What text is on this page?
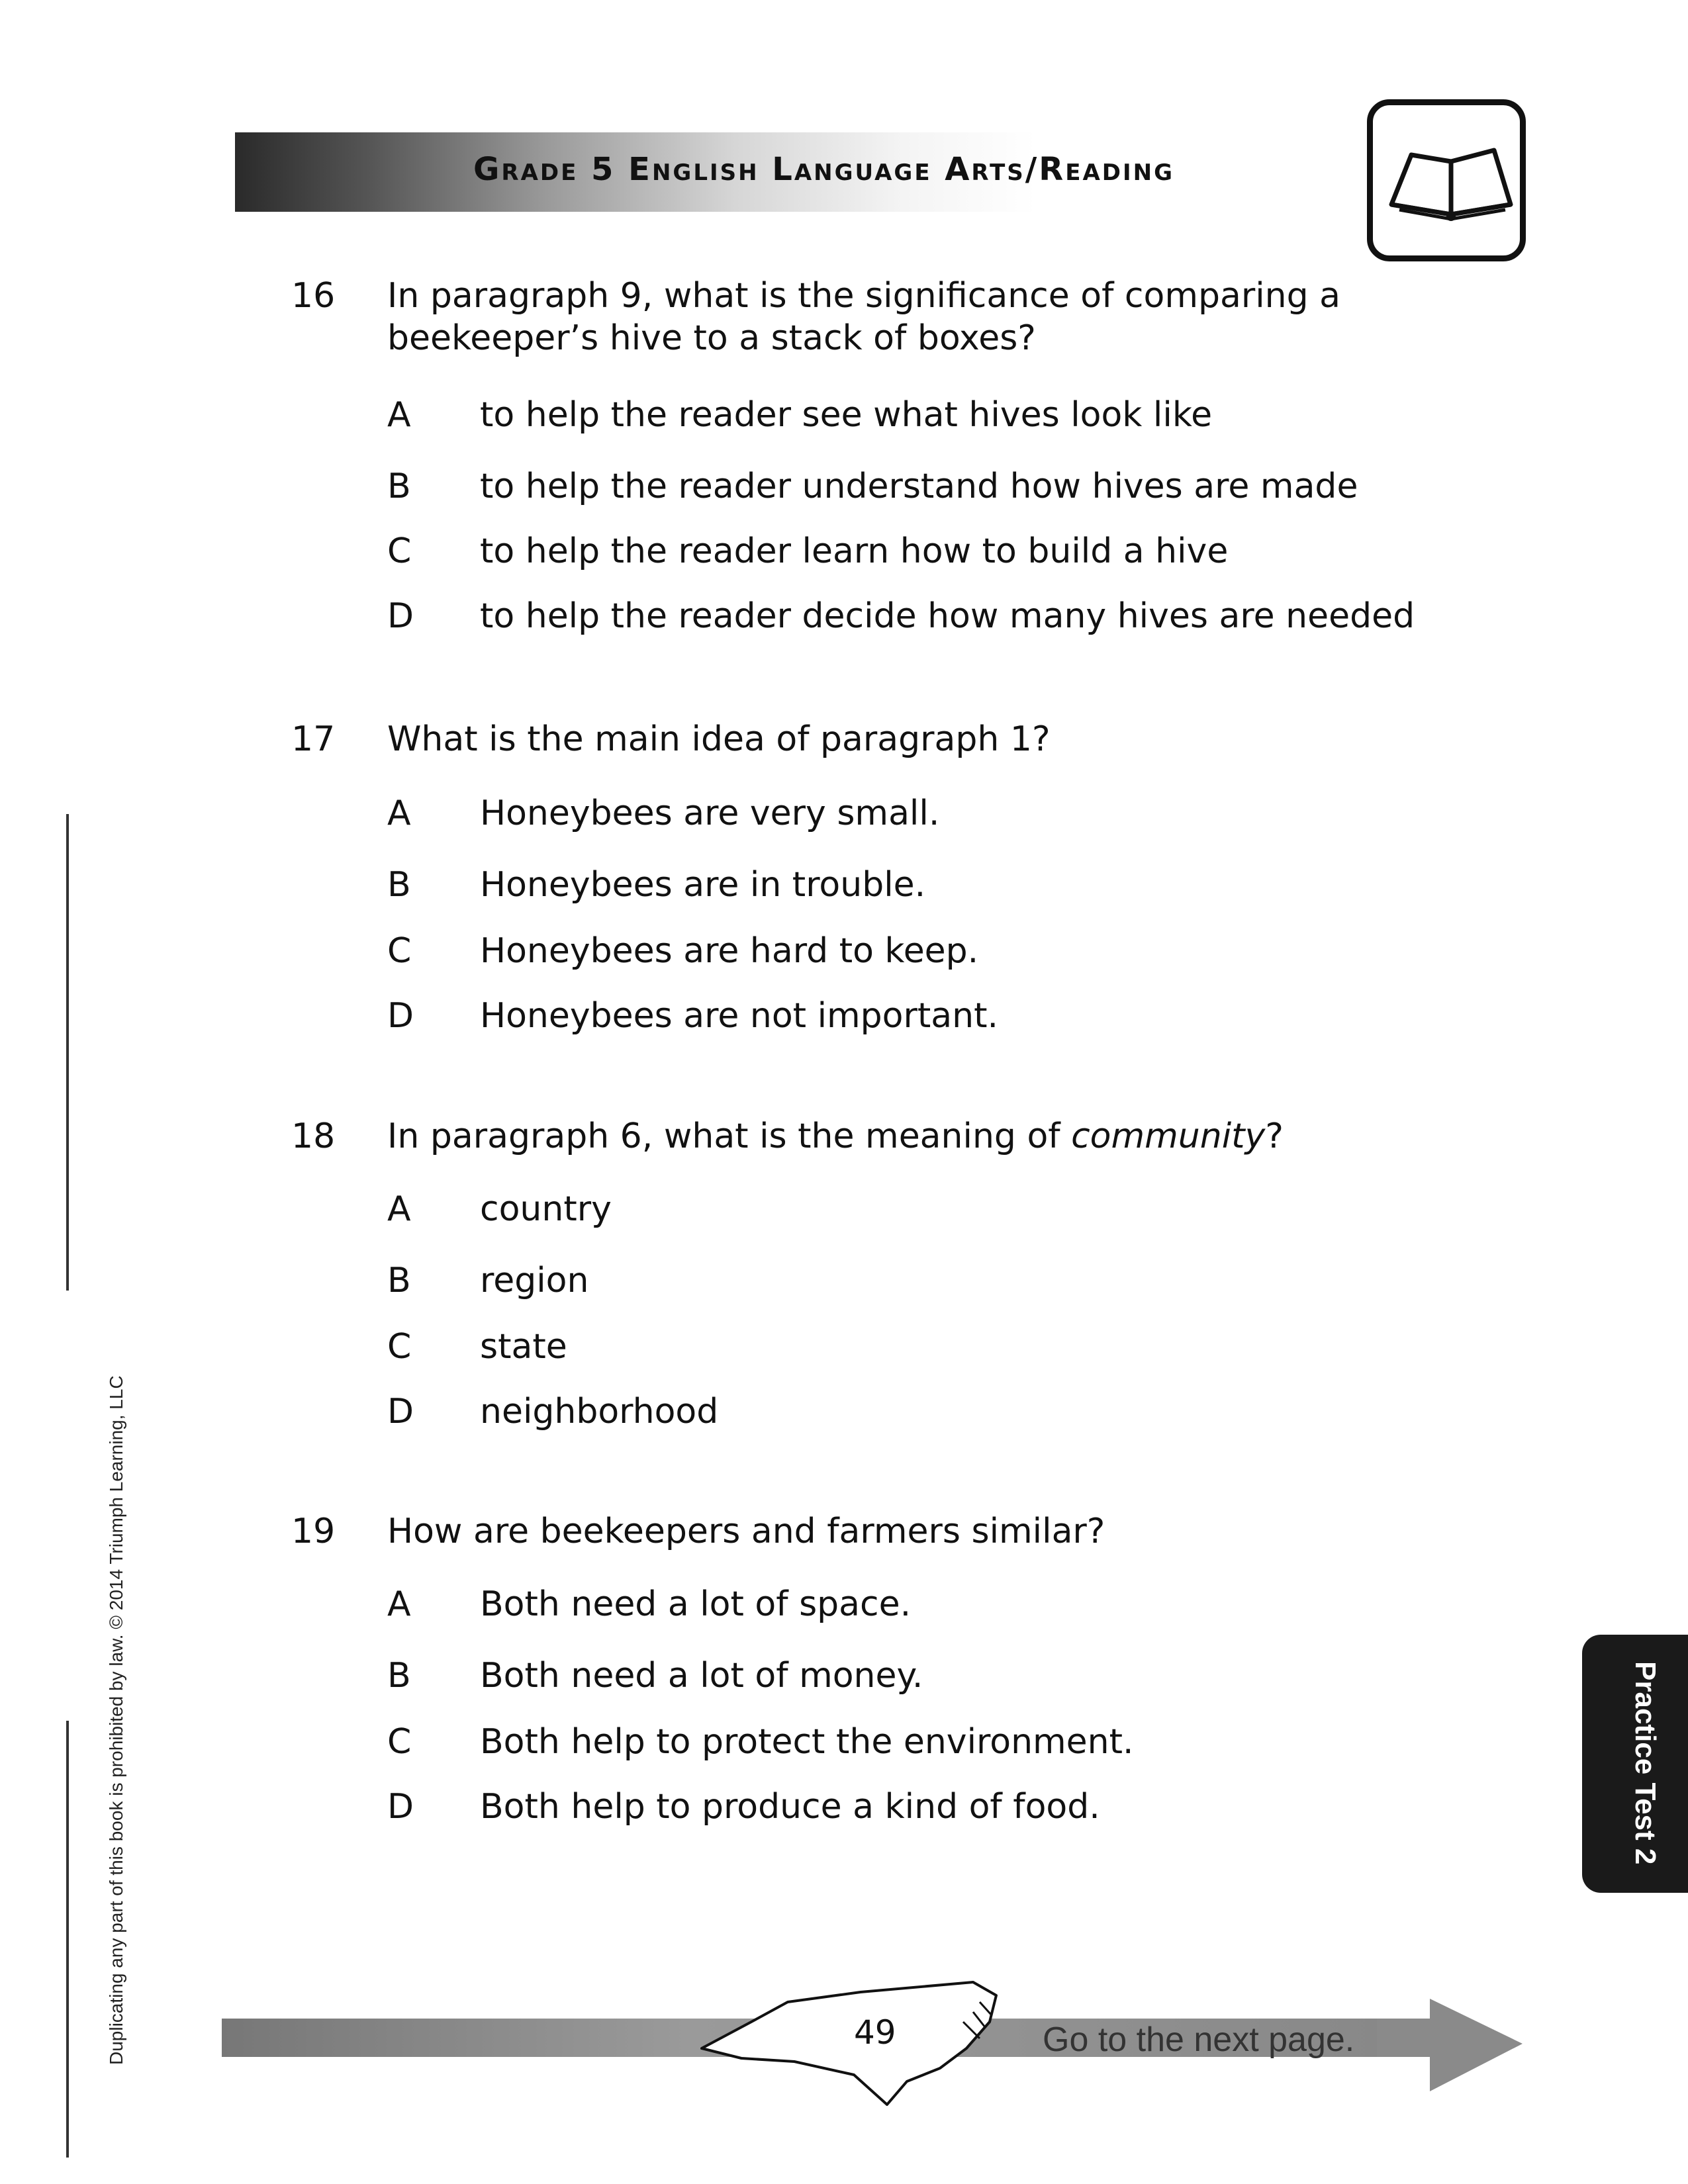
Grade 5 English Language Arts/Reading
16	In paragraph 9, what is the significance of comparing a beekeeper’s hive to a stack of boxes?
A	to help the reader see what hives look like
B	to help the reader understand how hives are made
C	to help the reader learn how to build a hive
D	to help the reader decide how many hives are needed
17	What is the main idea of paragraph 1?
A	Honeybees are very small.
B	Honeybees are in trouble.
C	Honeybees are hard to keep.
D	Honeybees are not important.
18	In paragraph 6, what is the meaning of community?
A	country
B	region
C	state
D	neighborhood
19	How are beekeepers and farmers similar?
A	Both need a lot of space.
B	Both need a lot of money.
C	Both help to protect the environment.
D	Both help to produce a kind of food.
Duplicating any part of this book is prohibited by law. © 2014 Triumph Learning, LLC	Practice Test 2
49	Go to the next page.
